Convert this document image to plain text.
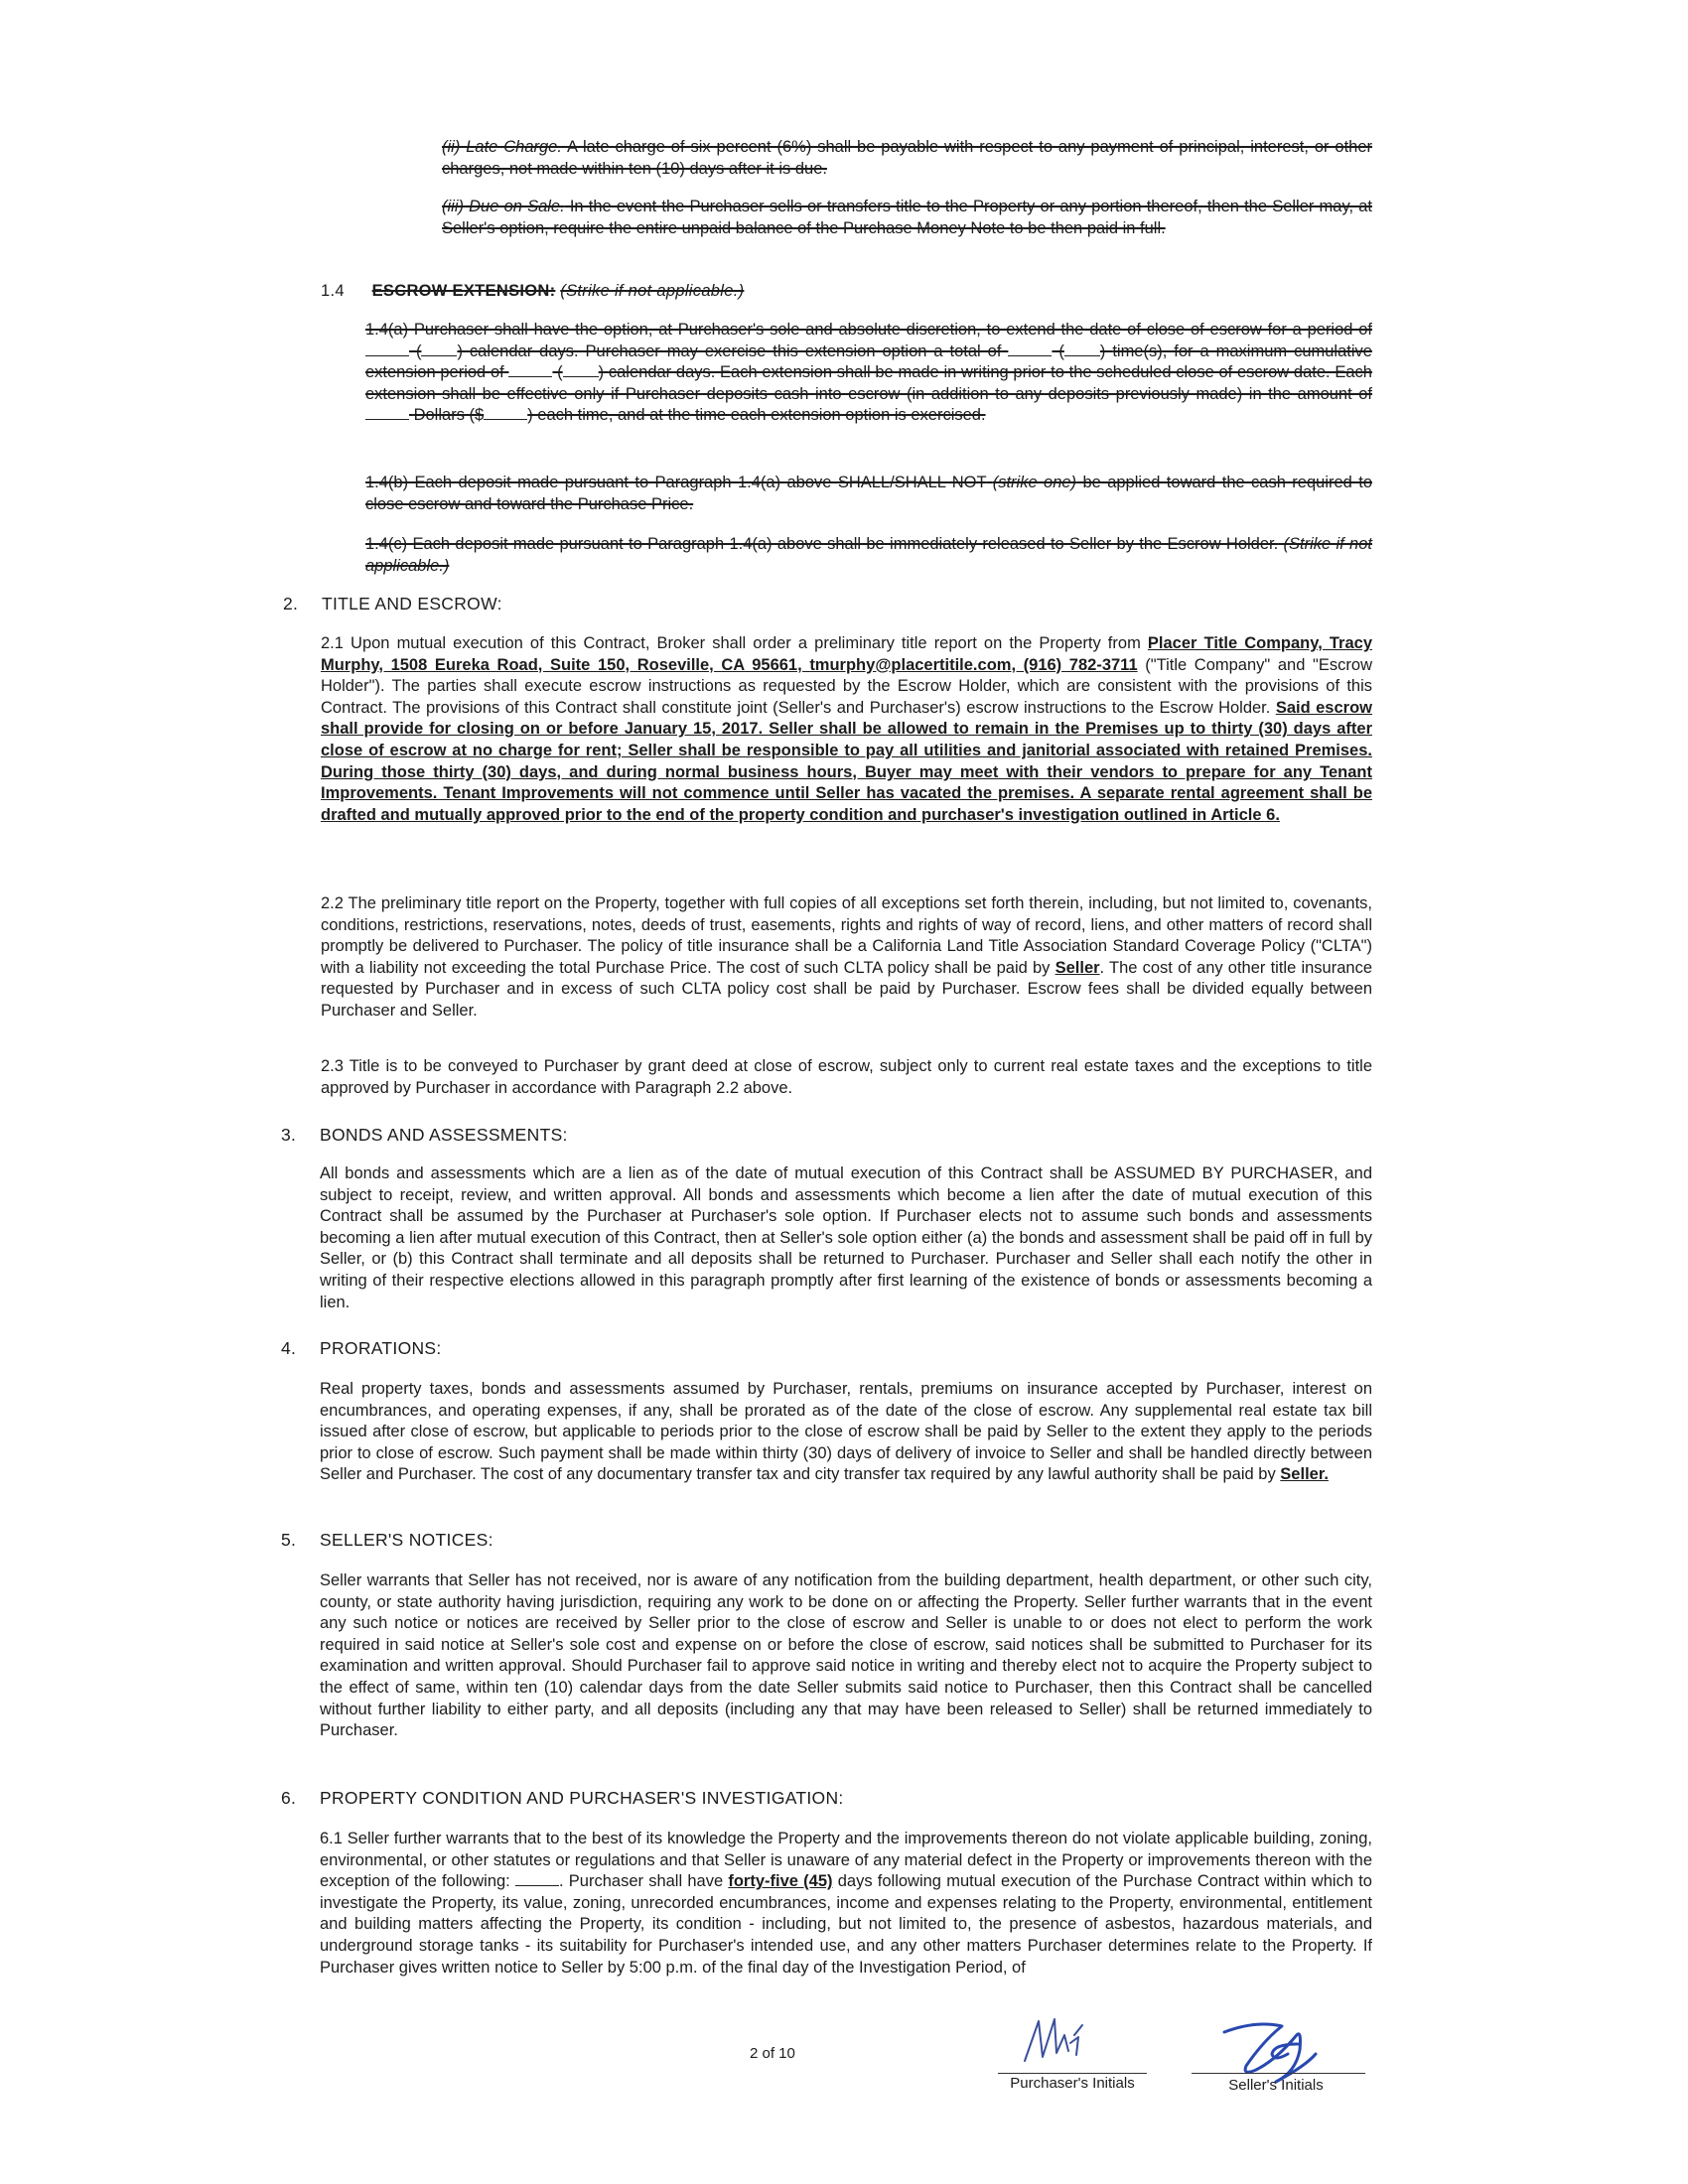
(ii) Late Charge. A late charge of six percent (6%) shall be payable with respect to any payment of principal, interest, or other charges, not made within ten (10) days after it is due.

(iii) Due on Sale. In the event the Purchaser sells or transfers title to the Property or any portion thereof, then the Seller may, at Seller's option, require the entire unpaid balance of the Purchase Money Note to be then paid in full.

1.4 ESCROW EXTENSION: (Strike if not applicable.)

1.4(a) Purchaser shall have the option, at Purchaser's sole and absolute discretion, to extend the date of close of escrow for a period of  ( ) calendar days. Purchaser may exercise this extension option a total of	( ) time(s), for a maximum cumulative extension period of	( ) calendar days. Each extension shall be made in writing prior to the scheduled close of escrow date. Each extension shall be effective only if Purchaser deposits cash into escrow (in addition to any deposits previously made) in the amount of  Dollars ($	) each time, and at the time each extension option is exercised.

1.4(b) Each deposit made pursuant to Paragraph 1.4(a) above SHALL/SHALL NOT (strike one) be applied toward the cash required to close escrow and toward the Purchase Price.

1.4(c) Each deposit made pursuant to Paragraph 1.4(a) above shall be immediately released to Seller by the Escrow Holder. (Strike if not applicable.)

2. TITLE AND ESCROW:

2.1 Upon mutual execution of this Contract, Broker shall order a preliminary title report on the Property from Placer Title Company, Tracy Murphy, 1508 Eureka Road, Suite 150, Roseville, CA 95661, tmurphy@placertitile.com, (916) 782-3711 ("Title Company" and "Escrow Holder"). The parties shall execute escrow instructions as requested by the Escrow Holder, which are consistent with the provisions of this Contract. The provisions of this Contract shall constitute joint (Seller's and Purchaser's) escrow instructions to the Escrow Holder. Said escrow shall provide for closing on or before January 15, 2017. Seller shall be allowed to remain in the Premises up to thirty (30) days after close of escrow at no charge for rent; Seller shall be responsible to pay all utilities and janitorial associated with retained Premises. During those thirty (30) days, and during normal business hours, Buyer may meet with their vendors to prepare for any Tenant Improvements. Tenant Improvements will not commence until Seller has vacated the premises. A separate rental agreement shall be drafted and mutually approved prior to the end of the property condition and purchaser's investigation outlined in Article 6.

2.2 The preliminary title report on the Property, together with full copies of all exceptions set forth therein, including, but not limited to, covenants, conditions, restrictions, reservations, notes, deeds of trust, easements, rights and rights of way of record, liens, and other matters of record shall promptly be delivered to Purchaser. The policy of title insurance shall be a California Land Title Association Standard Coverage Policy ("CLTA") with a liability not exceeding the total Purchase Price. The cost of such CLTA policy shall be paid by Seller. The cost of any other title insurance requested by Purchaser and in excess of such CLTA policy cost shall be paid by Purchaser. Escrow fees shall be divided equally between Purchaser and Seller.

2.3 Title is to be conveyed to Purchaser by grant deed at close of escrow, subject only to current real estate taxes and the exceptions to title approved by Purchaser in accordance with Paragraph 2.2 above.

3. BONDS AND ASSESSMENTS:

All bonds and assessments which are a lien as of the date of mutual execution of this Contract shall be ASSUMED BY PURCHASER, and subject to receipt, review, and written approval. All bonds and assessments which become a lien after the date of mutual execution of this Contract shall be assumed by the Purchaser at Purchaser's sole option. If Purchaser elects not to assume such bonds and assessments becoming a lien after mutual execution of this Contract, then at Seller's sole option either (a) the bonds and assessment shall be paid off in full by Seller, or (b) this Contract shall terminate and all deposits shall be returned to Purchaser. Purchaser and Seller shall each notify the other in writing of their respective elections allowed in this paragraph promptly after first learning of the existence of bonds or assessments becoming a lien.

4. PRORATIONS:

Real property taxes, bonds and assessments assumed by Purchaser, rentals, premiums on insurance accepted by Purchaser, interest on encumbrances, and operating expenses, if any, shall be prorated as of the date of the close of escrow. Any supplemental real estate tax bill issued after close of escrow, but applicable to periods prior to the close of escrow shall be paid by Seller to the extent they apply to the periods prior to close of escrow. Such payment shall be made within thirty (30) days of delivery of invoice to Seller and shall be handled directly between Seller and Purchaser. The cost of any documentary transfer tax and city transfer tax required by any lawful authority shall be paid by Seller.

5. SELLER'S NOTICES:

Seller warrants that Seller has not received, nor is aware of any notification from the building department, health department, or other such city, county, or state authority having jurisdiction, requiring any work to be done on or affecting the Property. Seller further warrants that in the event any such notice or notices are received by Seller prior to the close of escrow and Seller is unable to or does not elect to perform the work required in said notice at Seller's sole cost and expense on or before the close of escrow, said notices shall be submitted to Purchaser for its examination and written approval. Should Purchaser fail to approve said notice in writing and thereby elect not to acquire the Property subject to the effect of same, within ten (10) calendar days from the date Seller submits said notice to Purchaser, then this Contract shall be cancelled without further liability to either party, and all deposits (including any that may have been released to Seller) shall be returned immediately to Purchaser.

6. PROPERTY CONDITION AND PURCHASER'S INVESTIGATION:

6.1 Seller further warrants that to the best of its knowledge the Property and the improvements thereon do not violate applicable building, zoning, environmental, or other statutes or regulations and that Seller is unaware of any material defect in the Property or improvements thereon with the exception of the following:	. Purchaser shall have forty-five (45) days following mutual execution of the Purchase Contract within which to investigate the Property, its value, zoning, unrecorded encumbrances, income and expenses relating to the Property, environmental, entitlement and building matters affecting the Property, its condition - including, but not limited to, the presence of asbestos, hazardous materials, and underground storage tanks - its suitability for Purchaser's intended use, and any other matters Purchaser determines relate to the Property. If Purchaser gives written notice to Seller by 5:00 p.m. of the final day of the Investigation Period, of

2 of 10
Purchaser's Initials	Seller's Initials
